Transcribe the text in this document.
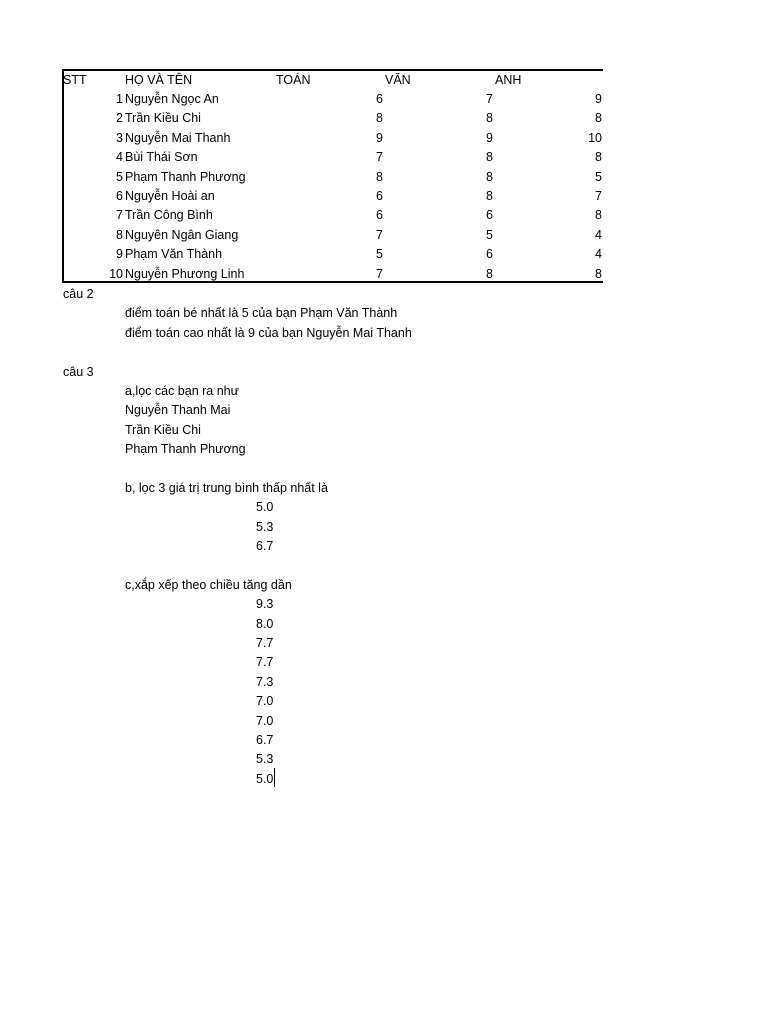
STT	HỌ VÀ TÊN	TOÁN	VĂN	ANH
1 Nguyễn Ngọc An	6	7	9
2 Trần Kiều Chi	8	8	8
3 Nguyễn Mai Thanh	9	9	10
4 Bùi Thái Sơn	7	8	8
5 Phạm Thanh Phương	8	8	5
6 Nguyễn Hoài an	6	8	7
7 Trần Công Bình	6	6	8
8 Nguyên Ngân Giang	7	5	4
9 Phạm Văn Thành	5	6	4
10 Nguyễn Phương Linh	7	8	8
câu 2
điểm toán bé nhất là 5 của bạn Phạm Văn Thành
điểm toán cao nhất là 9 của bạn Nguyễn Mai Thanh
câu 3
a,lọc các bạn ra như
Nguyễn Thanh Mai
Trần Kiều Chi
Phạm Thanh Phương
b, lọc 3 giá trị trung bình thấp nhất là
5.0
5.3
6.7
c,xắp xếp theo chiều tăng dần
9.3
8.0
7.7
7.7
7.3
7.0
7.0
6.7
5.3
5.0
